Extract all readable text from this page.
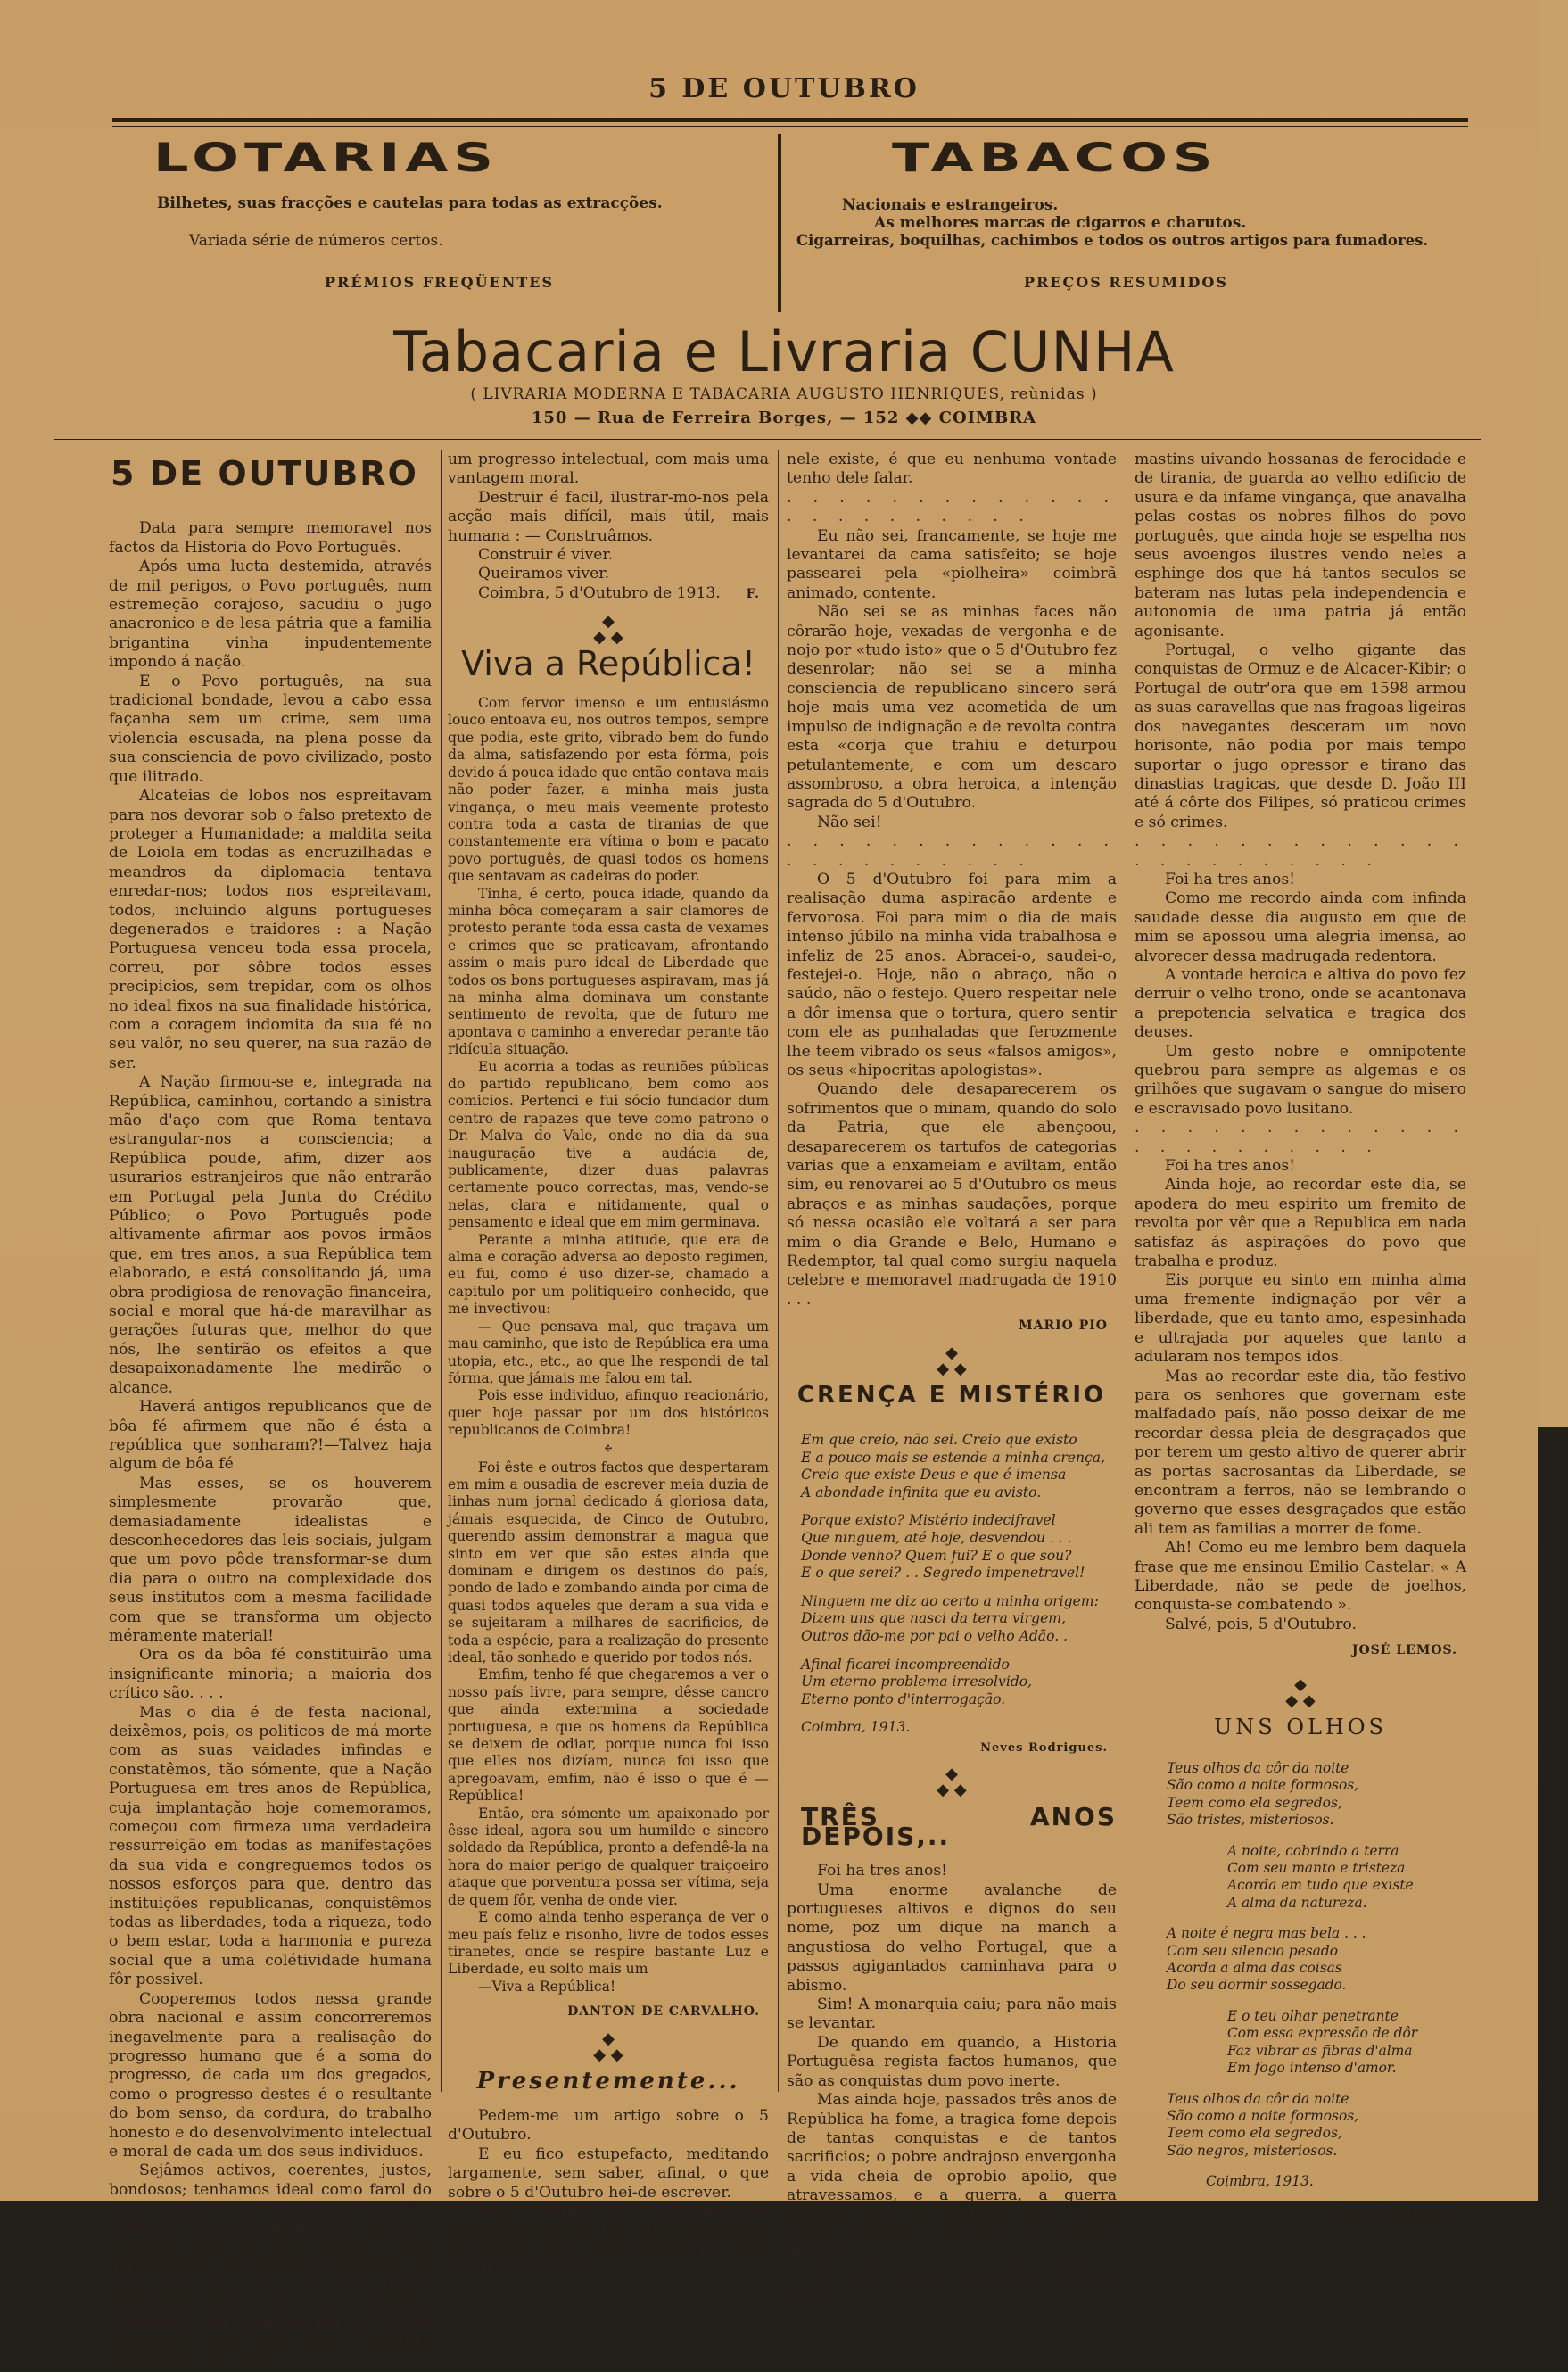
5 DE OUTUBRO
LOTARIAS
Bilhetes, suas fracções e cautelas para todas as extracções.
Variada série de números certos.
PRÉMIOS FREQÜENTES
TABACOS
Nacionais e estrangeiros.
As melhores marcas de cigarros e charutos.
Cigarreiras, boquilhas, cachimbos e todos os outros artigos para fumadores.
PREÇOS RESUMIDOS
Tabacaria e Livraria CUNHA
( LIVRARIA MODERNA E TABACARIA AUGUSTO HENRIQUES, reùnidas )
150 — Rua de Ferreira Borges, — 152 ◆◆ COIMBRA
5 DE OUTUBRO

Data para sempre memoravel nos factos da Historia do Povo Português.

Após uma lucta destemida, através de mil perigos, o Povo português, num estremeção corajoso, sacudiu o jugo anacronico e de lesa pátria que a familia brigantina vinha inpudentemente impondo á nação.

E o Povo português, na sua tradicional bondade, levou a cabo essa façanha sem um crime, sem uma violencia escusada, na plena posse da sua consciencia de povo civilizado, posto que ilitrado.

Alcateias de lobos nos espreitavam para nos devorar sob o falso pretexto de proteger a Humanidade; a maldita seita de Loiola em todas as encruzilhadas e meandros da diplomacia tentava enredar-nos; todos nos espreitavam, todos, incluindo alguns portugueses degenerados e traidores : a Nação Portuguesa venceu toda essa procela, correu, por sôbre todos esses precipicios, sem trepidar, com os olhos no ideal fixos na sua finalidade histórica, com a coragem indomita da sua fé no seu valôr, no seu querer, na sua razão de ser.

A Nação firmou-se e, integrada na República, caminhou, cortando a sinistra mão d'aço com que Roma tentava estrangular-nos a consciencia; a República poude, afim, dizer aos usurarios estranjeiros que não entrarão em Portugal pela Junta do Crédito Público; o Povo Português pode altivamente afirmar aos povos irmãos que, em tres anos, a sua República tem elaborado, e está consolitando já, uma obra prodigiosa de renovação financeira, social e moral que há-de maravilhar as gerações futuras que, melhor do que nós, lhe sentirão os efeitos a que desapaixonadamente lhe medirão o alcance.

Haverá antigos republicanos que de bôa fé afirmem que não é ésta a república que sonharam?!—Talvez haja algum de bôa fé

Mas esses, se os houverem simplesmente provarão que, demasiadamente idealistas e desconhecedores das leis sociais, julgam que um povo pôde transformar-se dum dia para o outro na complexidade dos seus institutos com a mesma facilidade com que se transforma um objecto méramente material!

Ora os da bôa fé constituirão uma insignificante minoria; a maioria dos crítico são. . . .

Mas o dia é de festa nacional, deixêmos, pois, os politicos de má morte com as suas vaidades infindas e constatêmos, tão sómente, que a Nação Portuguesa em tres anos de República, cuja implantação hoje comemoramos, começou com firmeza uma verdadeira ressurreição em todas as manifestações da sua vida e congreguemos todos os nossos esforços para que, dentro das instituições republicanas, conquistêmos todas as liberdades, toda a riqueza, todo o bem estar, toda a harmonia e pureza social que a uma colétividade humana fôr possivel.

Cooperemos todos nessa grande obra nacional e assim concorreremos inegavelmente para a realisação do progresso humano que é a soma do progresso, de cada um dos gregados, como o progresso destes é o resultante do bom senso, da cordura, do trabalho honesto e do desenvolvimento intelectual e moral de cada um dos seus individuos.

Sejâmos activos, coerentes, justos, bondosos; tenhamos ideal como farol do nosso querer, mas saibamos vencer a distancia percorrendo passo a passo o caminho que lá nos conduz, sem impaciencias, com firmesa inabalavel, de modo que, em cada ano que fôrmos festejando este dia de redenção, possâmos vêr enriquecida a nossa República com mais uma conquista economica, com mais

um progresso intelectual, com mais uma vantagem moral.

Destruir é facil, ilustrar-mo-nos pela acção mais difícil, mais útil, mais humana : — Construâmos.

Construir é viver.

Queiramos viver.

Coimbra, 5 d'Outubro de 1913.	F.
◆
◆ ◆
Viva a República!

Com fervor imenso e um entusiásmo louco entoava eu, nos outros tempos, sempre que podia, este grito, vibrado bem do fundo da alma, satisfazendo por esta fórma, pois devido á pouca idade que então contava mais não poder fazer, a minha mais justa vingança, o meu mais veemente protesto contra toda a casta de tiranias de que constantemente era vítima o bom e pacato povo português, de quasi todos os homens que sentavam as cadeiras do poder.

Tinha, é certo, pouca idade, quando da minha bôca começaram a sair clamores de protesto perante toda essa casta de vexames e crimes que se praticavam, afrontando assim o mais puro ideal de Liberdade que todos os bons portugueses aspiravam, mas já na minha alma dominava um constante sentimento de revolta, que de futuro me apontava o caminho a enveredar perante tão ridícula situação.

Eu acorria a todas as reuniões públicas do partido republicano, bem como aos comicios. Pertenci e fui sócio fundador dum centro de rapazes que teve como patrono o Dr. Malva do Vale, onde no dia da sua inauguração tive a audácia de, publicamente, dizer duas palavras certamente pouco correctas, mas, vendo-se nelas, clara e nitidamente, qual o pensamento e ideal que em mim germinava.

Perante a minha atitude, que era de alma e coração adversa ao deposto regimen, eu fui, como é uso dizer-se, chamado a capitulo por um politiqueiro conhecido, que me invectivou:

— Que pensava mal, que traçava um mau caminho, que isto de República era uma utopia, etc., etc., ao que lhe respondi de tal fórma, que jámais me falou em tal.

Pois esse individuo, afinquo reacionário, quer hoje passar por um dos históricos republicanos de Coimbra!

✣

Foi êste e outros factos que despertaram em mim a ousadia de escrever meia duzia de linhas num jornal dedicado á gloriosa data, jámais esquecida, de Cinco de Outubro, querendo assim demonstrar a magua que sinto em ver que são estes ainda que dominam e dirigem os destinos do país, pondo de lado e zombando ainda por cima de quasi todos aqueles que deram a sua vida e se sujeitaram a milhares de sacrificios, de toda a espécie, para a realização do presente ideal, tão sonhado e querido por todos nós.

Emfim, tenho fé que chegaremos a ver o nosso país livre, para sempre, dêsse cancro que ainda extermina a sociedade portuguesa, e que os homens da República se deixem de odiar, porque nunca foi isso que elles nos dizíam, nunca foi isso que apregoavam, emfim, não é isso o que é — República!

Então, era sómente um apaixonado por êsse ideal, agora sou um humilde e sincero soldado da República, pronto a defendê-la na hora do maior perigo de qualquer traiçoeiro ataque que porventura possa ser vítima, seja de quem fôr, venha de onde vier.

E como ainda tenho esperança de ver o meu país feliz e risonho, livre de todos esses tiranetes, onde se respire bastante Luz e Liberdade, eu solto mais um

—Viva a República!

DANTON DE CARVALHO.
◆
◆ ◆
Presentemente...

Pedem-me um artigo sobre o 5 d'Outubro.

E eu fico estupefacto, meditando largamente, sem saber, afinal, o que sobre o 5 d'Outubro hei-de escrever.

Não é porque o 5 d'Outubro não tenha nada que se lhe diga, porque tem muitissimo, mas precisamente por esse «muitissimo» que

nele existe, é que eu nenhuma vontade tenho dele falar.

. . . . . . . . . . . . . . . . . . . . . . .

Eu não sei, francamente, se hoje me levantarei da cama satisfeito; se hoje passearei pela «piolheira» coimbrã animado, contente.

Não sei se as minhas faces não côrarão hoje, vexadas de vergonha e de nojo por «tudo isto» que o 5 d'Outubro fez desenrolar; não sei se a minha consciencia de republicano sincero será hoje mais uma vez acometida de um impulso de indignação e de revolta contra esta «corja que trahiu e deturpou petulantemente, e com um descaro assombroso, a obra heroica, a intenção sagrada do 5 d'Outubro.

Não sei!

. . . . . . . . . . . . . . . . . . . . . . .

O 5 d'Outubro foi para mim a realisação duma aspiração ardente e fervorosa. Foi para mim o dia de mais intenso júbilo na minha vida trabalhosa e infeliz de 25 anos. Abracei-o, saudei-o, festejei-o. Hoje, não o abraço, não o saúdo, não o festejo. Quero respeitar nele a dôr imensa que o tortura, quero sentir com ele as punhaladas que ferozmente lhe teem vibrado os seus «falsos amigos», os seus «hipocritas apologistas».

Quando dele desaparecerem os sofrimentos que o minam, quando do solo da Patria, que ele abençoou, desaparecerem os tartufos de categorias varias que a enxameiam e aviltam, então sim, eu renovarei ao 5 d'Outubro os meus abraços e as minhas saudações, porque só nessa ocasião ele voltará a ser para mim o dia Grande e Belo, Humano e Redemptor, tal qual como surgiu naquela celebre e memoravel madrugada de 1910 . . .

MARIO PIO
◆
◆ ◆
CRENÇA E MISTÉRIO
Em que creio, não sei. Creio que existo
E a pouco mais se estende a minha crença,
Creio que existe Deus e que é imensa
A abondade infinita que eu avisto.
Porque existo? Mistério indecifravel
Que ninguem, até hoje, desvendou . . .
Donde venho? Quem fui? E o que sou?
E o que serei? . . Segredo impenetravel!
Ninguem me diz ao certo a minha origem:
Dizem uns que nasci da terra virgem,
Outros dão-me por pai o velho Adão. .
Afinal ficarei incompreendido
Um eterno problema irresolvido,
Eterno ponto d'interrogação.
Coimbra, 1913.
Neves Rodrigues.
◆
◆ ◆
TRÊS ANOS DEPOIS,..

Foi ha tres anos!

Uma enorme avalanche de portugueses altivos e dignos do seu nome, poz um dique na manch a angustiosa do velho Portugal, que a passos agigantados caminhava para o abismo.

Sim! A monarquia caiu; para não mais se levantar.

De quando em quando, a Historia Portuguêsa regista factos humanos, que são as conquistas dum povo inerte.

Mas ainda hoje, passados três anos de República ha fome, a tragica fome depois de tantas conquistas e de tantos sacrificios; o pobre andrajoso envergonha a vida cheia de oprobio apolio, que atravessamos, e a guerra, a guerra maldita, põe na civilisação dos povos latinos enormes manchas de sangue nodoso.

De toda a parte nos saltam homens feitos,

mastins uivando hossanas de ferocidade e de tirania, de guarda ao velho edificio de usura e da infame vingança, que anavalha pelas costas os nobres filhos do povo português, que ainda hoje se espelha nos seus avoengos ilustres vendo neles a esphinge dos que há tantos seculos se bateram nas lutas pela independencia e autonomia de uma patria já então agonisante.

Portugal, o velho gigante das conquistas de Ormuz e de Alcacer-Kibir; o Portugal de outr'ora que em 1598 armou as suas caravellas que nas fragoas ligeiras dos navegantes desceram um novo horisonte, não podia por mais tempo suportar o jugo opressor e tirano das dinastias tragicas, que desde D. João III até á côrte dos Filipes, só praticou crimes e só crimes.

. . . . . . . . . . . . . . . . . . . . . . .

Foi ha tres anos!

Como me recordo ainda com infinda saudade desse dia augusto em que de mim se apossou uma alegria imensa, ao alvorecer dessa madrugada redentora.

A vontade heroica e altiva do povo fez derruir o velho trono, onde se acantonava a prepotencia selvatica e tragica dos deuses.

Um gesto nobre e omnipotente quebrou para sempre as algemas e os grilhões que sugavam o sangue do misero e escravisado povo lusitano.

. . . . . . . . . . . . . . . . . . . . . . .

Foi ha tres anos!

Ainda hoje, ao recordar este dia, se apodera do meu espirito um fremito de revolta por vêr que a Republica em nada satisfaz ás aspirações do povo que trabalha e produz.

Eis porque eu sinto em minha alma uma fremente indignação por vêr a liberdade, que eu tanto amo, espesinhada e ultrajada por aqueles que tanto a adularam nos tempos idos.

Mas ao recordar este dia, tão festivo para os senhores que governam este malfadado país, não posso deixar de me recordar dessa pleia de desgraçados que por terem um gesto altivo de querer abrir as portas sacrosantas da Liberdade, se encontram a ferros, não se lembrando o governo que esses desgraçados que estão ali tem as familias a morrer de fome.

Ah! Como eu me lembro bem daquela frase que me ensinou Emilio Castelar: « A Liberdade, não se pede de joelhos, conquista-se combatendo ».

Salvé, pois, 5 d'Outubro.

JOSÉ LEMOS.
◆
◆ ◆
UNS OLHOS
Teus olhos da côr da noite
São como a noite formosos,
Teem como ela segredos,
São tristes, misteriosos.
A noite, cobrindo a terra
Com seu manto e tristeza
Acorda em tudo que existe
A alma da natureza.
A noite é negra mas bela . . .
Com seu silencio pesado
Acorda a alma das coisas
Do seu dormir sossegado.
E o teu olhar penetrante
Com essa expressão de dôr
Faz vibrar as fibras d'alma
Em fogo intenso d'amor.
Teus olhos da côr da noite
São como a noite formosos,
Teem como ela segredos,
São negros, misteriosos.
Coimbra, 1913.
Neves Rodrigues.
